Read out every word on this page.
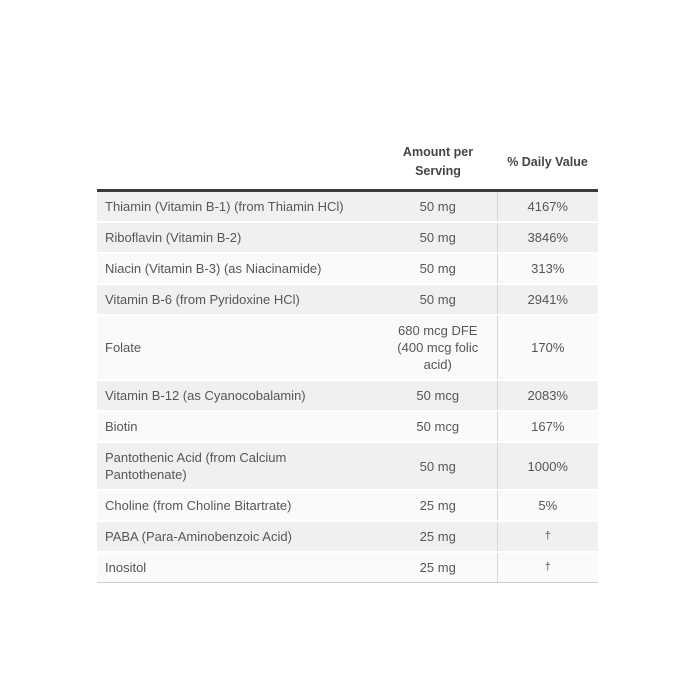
	Amount per Serving	% Daily Value
Thiamin (Vitamin B-1) (from Thiamin HCl)	50 mg	4167%
Riboflavin (Vitamin B-2)	50 mg	3846%
Niacin (Vitamin B-3) (as Niacinamide)	50 mg	313%
Vitamin B-6 (from Pyridoxine HCl)	50 mg	2941%
Folate	680 mcg DFE (400 mcg folic acid)	170%
Vitamin B-12 (as Cyanocobalamin)	50 mcg	2083%
Biotin	50 mcg	167%
Pantothenic Acid (from Calcium Pantothenate)	50 mg	1000%
Choline (from Choline Bitartrate)	25 mg	5%
PABA (Para-Aminobenzoic Acid)	25 mg	†
Inositol	25 mg	†
